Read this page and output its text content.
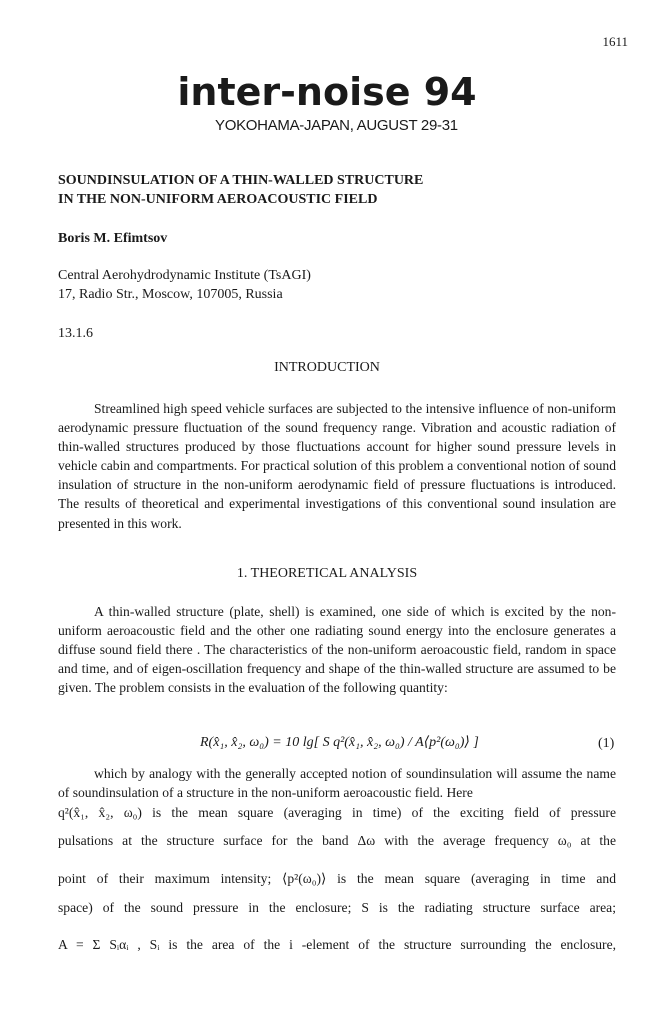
1611
inter-noise 94
YOKOHAMA-JAPAN, AUGUST 29-31
SOUNDINSULATION OF A THIN-WALLED STRUCTURE
IN THE NON-UNIFORM AEROACOUSTIC FIELD
Boris M. Efimtsov
Central Aerohydrodynamic Institute (TsAGI)
17, Radio Str., Moscow, 107005, Russia
13.1.6
INTRODUCTION

Streamlined high speed vehicle surfaces are subjected to the intensive influence of non-uniform aerodynamic pressure fluctuation of the sound frequency range. Vibration and acoustic radiation of thin-walled structures produced by those fluctuations account for higher sound pressure levels in vehicle cabin and compartments. For practical solution of this problem a conventional notion of sound insulation of structure in the non-uniform aerodynamic field of pressure fluctuations is introduced. The results of theoretical and experimental investigations of this conventional sound insulation are presented in this work.

1. THEORETICAL ANALYSIS

A thin-walled structure (plate, shell) is examined, one side of which is excited by the non-uniform aeroacoustic field and the other one radiating sound energy into the enclosure generates a diffuse sound field there . The characteristics of the non-uniform aeroacoustic field, random in space and time, and of eigen-oscillation frequency and shape of the thin-walled structure are assumed to be given. The problem consists in the evaluation of the following quantity:

R(x̂₁, x̂₂, ω₀) = 10 lg[ S q²(x̂₁, x̂₂, ω₀) / A⟨p²(ω₀)⟩ ]	(1)

which by analogy with the generally accepted notion of soundinsulation will assume the name of soundinsulation of a structure in the non-uniform aeroacoustic field. Here

q²(x̂₁, x̂₂, ω₀) is the mean square (averaging in time) of the exciting field of pressure
pulsations at the structure surface for the band Δω with the average frequency ω₀ at the
point of their maximum intensity; ⟨p²(ω₀)⟩ is the mean square (averaging in time and
space) of the sound pressure in the enclosure; S is the radiating structure surface area;
A = Σ Sᵢαᵢ , Sᵢ is the area of the i -element of the structure surrounding the enclosure,
